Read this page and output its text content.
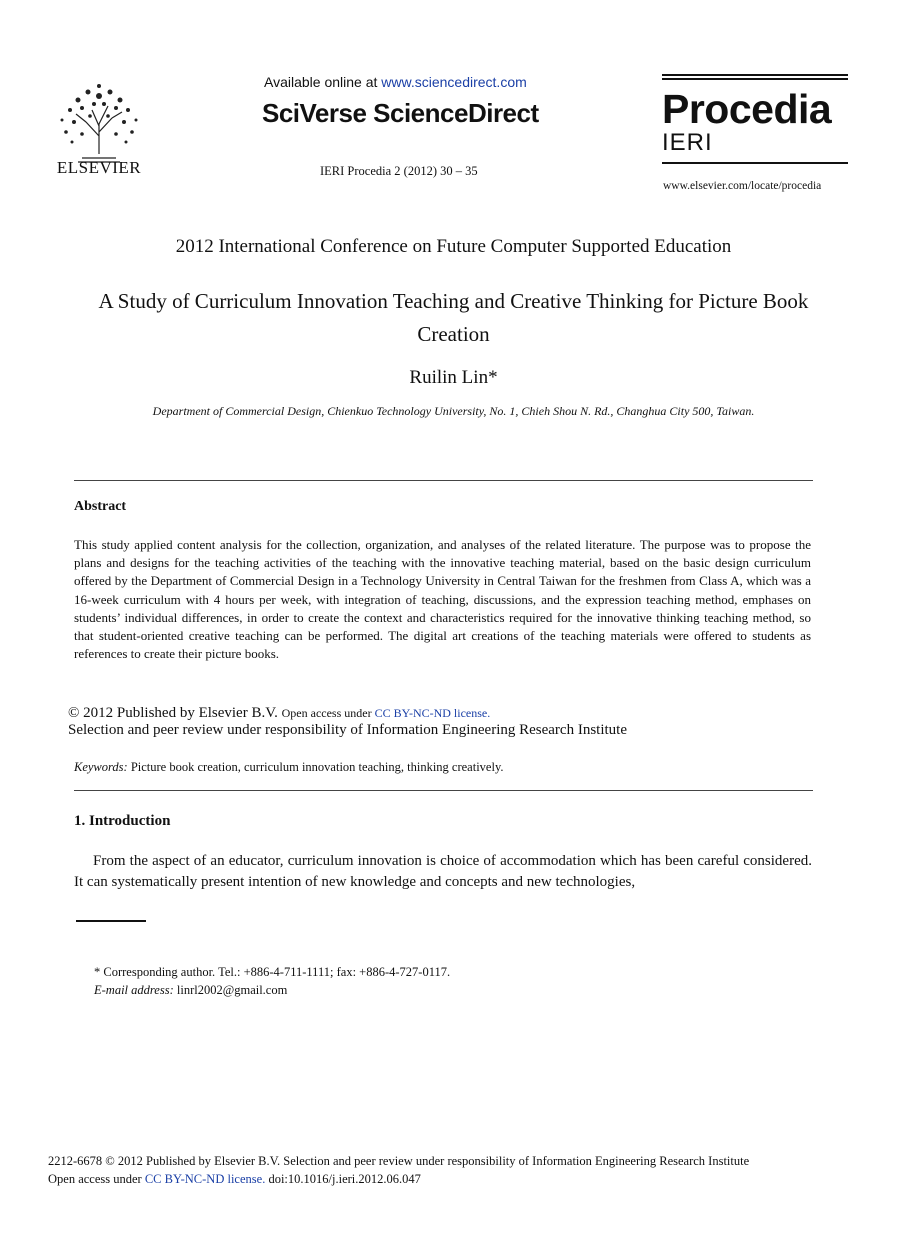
ELSEVIER
Available online at www.sciencedirect.com
SciVerse ScienceDirect
IERI Procedia 2 (2012) 30 – 35
Procedia
IERI
www.elsevier.com/locate/procedia
2012 International Conference on Future Computer Supported Education
A Study of Curriculum Innovation Teaching and Creative Thinking for Picture Book Creation
Ruilin Lin*
Department of Commercial Design, Chienkuo Technology University, No. 1, Chieh Shou N. Rd., Changhua City 500, Taiwan.
Abstract
This study applied content analysis for the collection, organization, and analyses of the related literature. The purpose was to propose the plans and designs for the teaching activities of the teaching with the innovative teaching material, based on the basic design curriculum offered by the Department of Commercial Design in a Technology University in Central Taiwan for the freshmen from Class A, which was a 16-week curriculum with 4 hours per week, with integration of teaching, discussions, and the expression teaching method, emphases on students’ individual differences, in order to create the context and characteristics required for the innovative thinking teaching method, so that student-oriented creative teaching can be performed. The digital art creations of the teaching materials were offered to students as references to create their picture books.
© 2012 Published by Elsevier B.V. Open access under CC BY-NC-ND license.
Selection and peer review under responsibility of Information Engineering Research Institute
Keywords: Picture book creation, curriculum innovation teaching, thinking creatively.
1. Introduction
From the aspect of an educator, curriculum innovation is choice of accommodation which has been careful considered. It can systematically present intention of new knowledge and concepts and new technologies,
* Corresponding author. Tel.: +886-4-711-1111; fax: +886-4-727-0117.
E-mail address: linrl2002@gmail.com
2212-6678 © 2012 Published by Elsevier B.V. Selection and peer review under responsibility of Information Engineering Research Institute
Open access under CC BY-NC-ND license. doi:10.1016/j.ieri.2012.06.047
